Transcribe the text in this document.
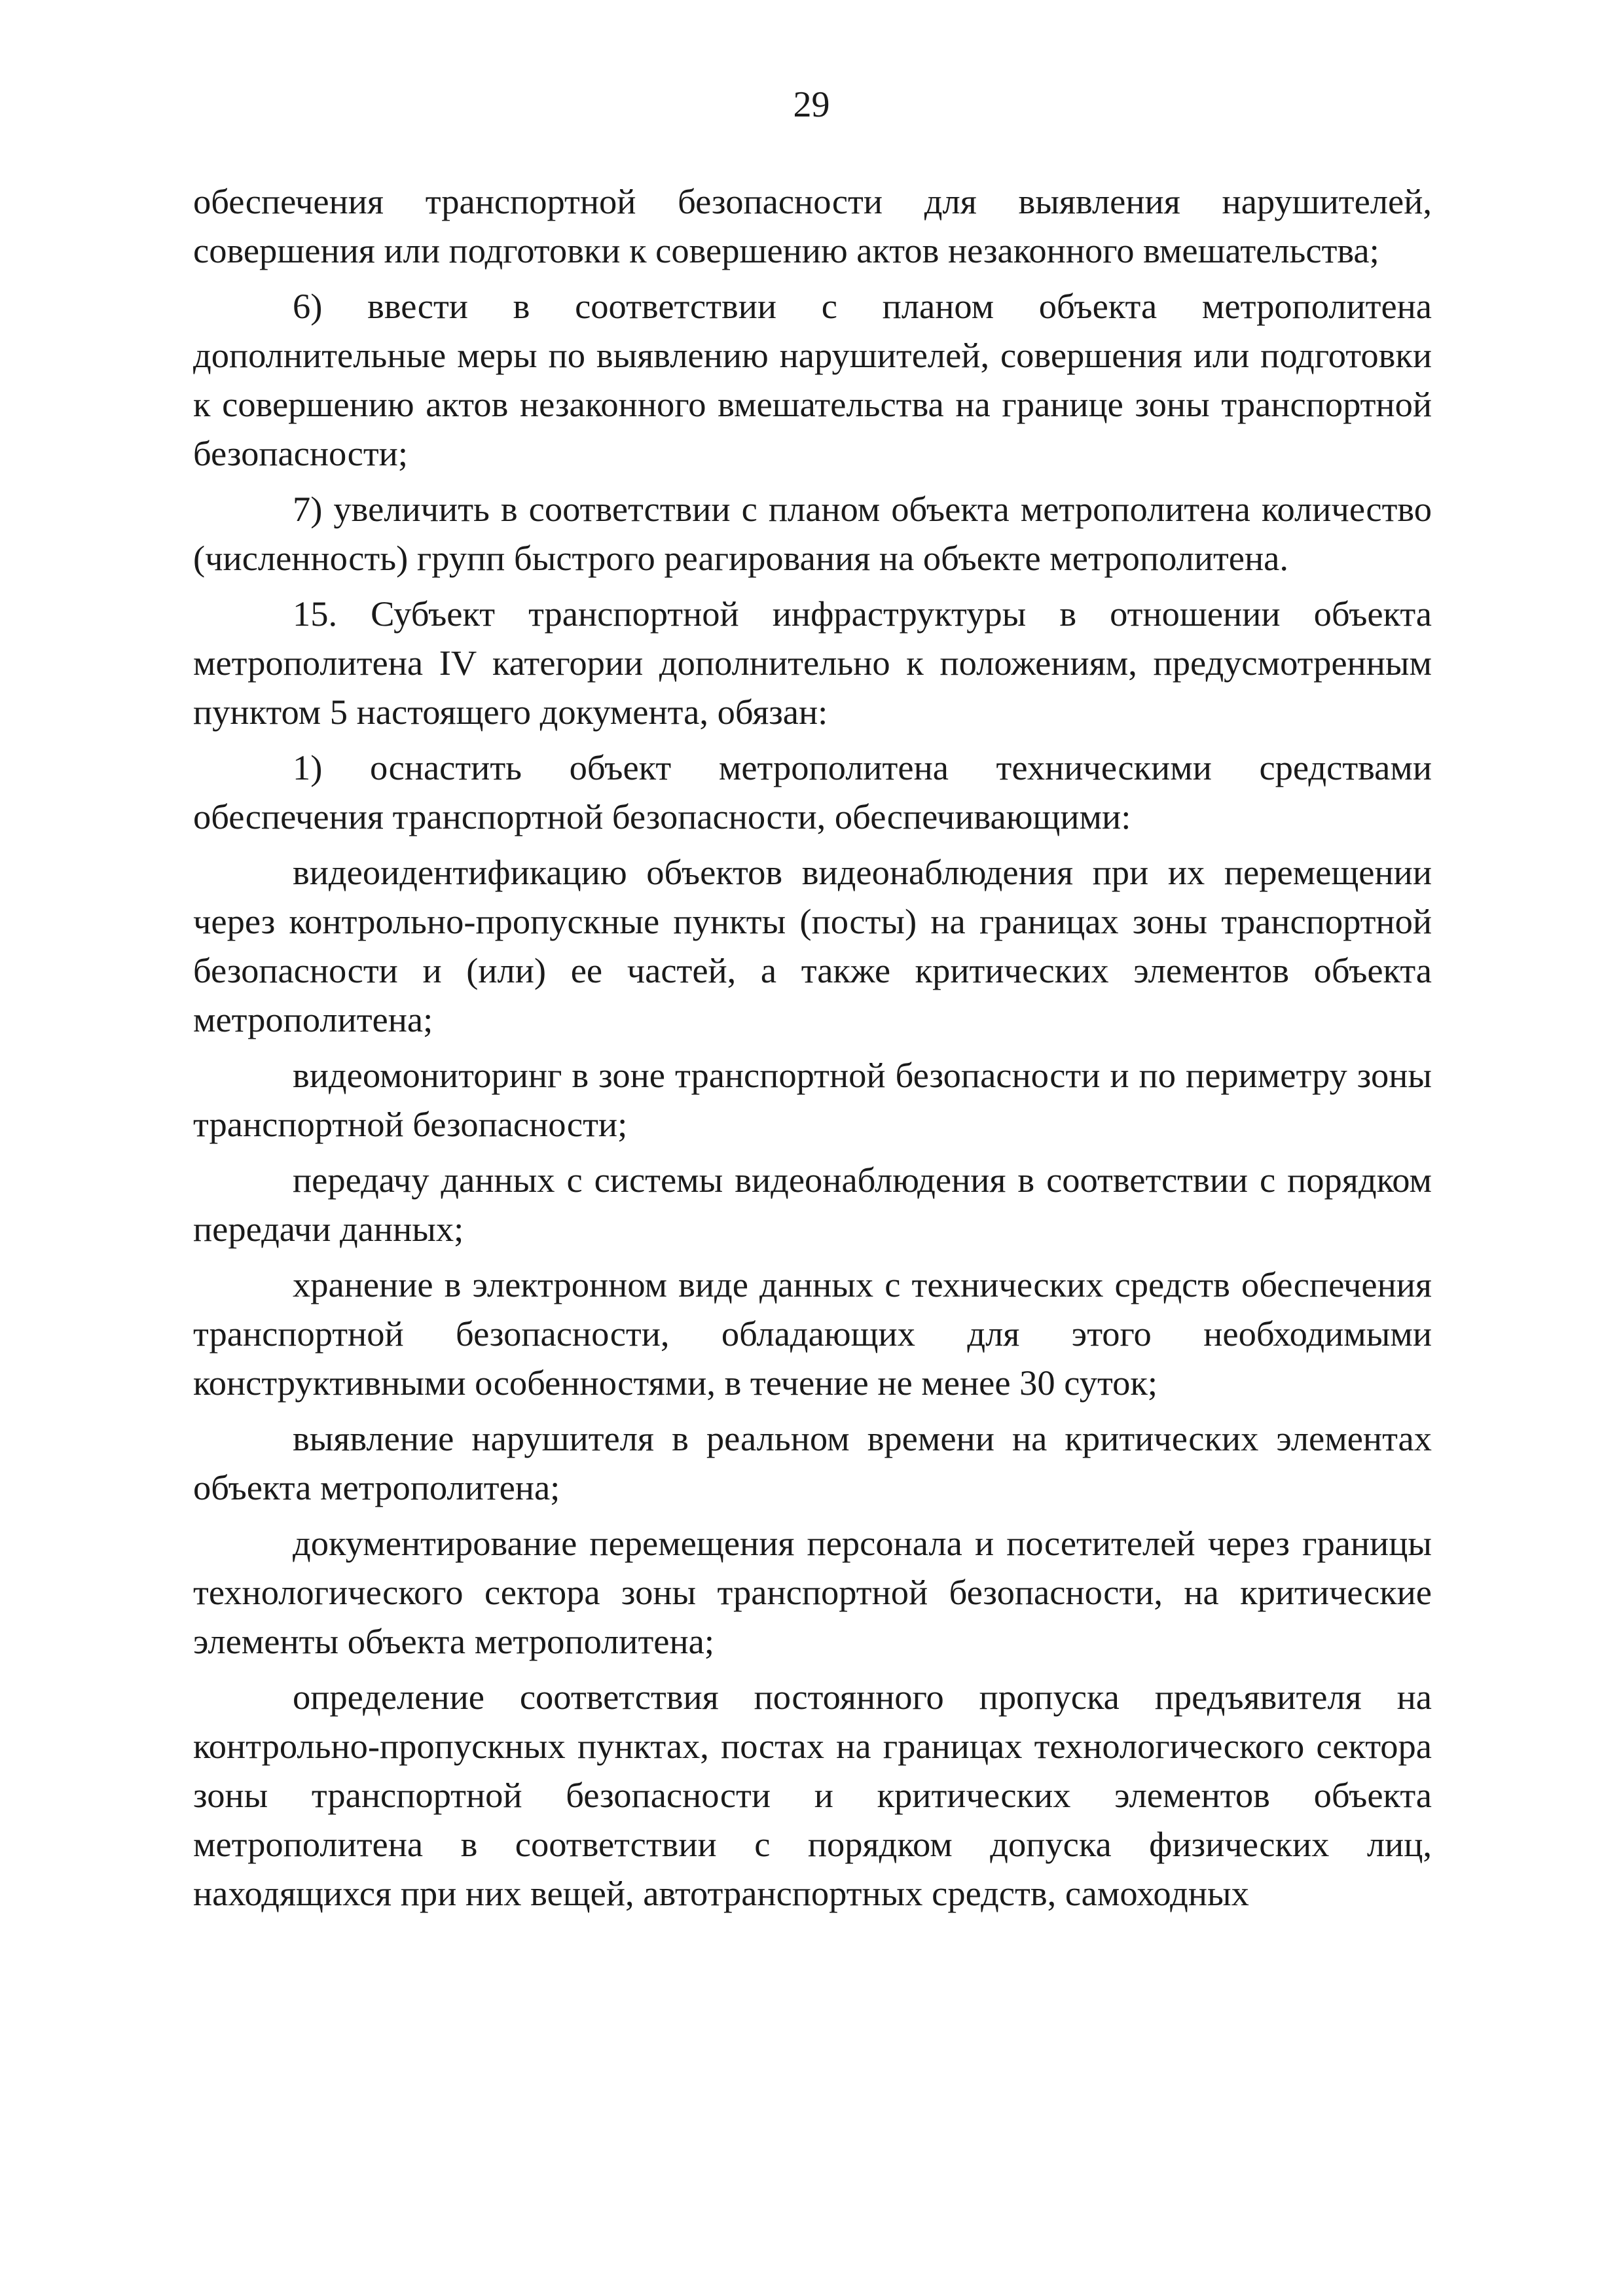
29

обеспечения транспортной безопасности для выявления нарушителей, совершения или подготовки к совершению актов незаконного вмешательства;

6) ввести в соответствии с планом объекта метрополитена дополнительные меры по выявлению нарушителей, совершения или подготовки к совершению актов незаконного вмешательства на границе зоны транспортной безопасности;

7) увеличить в соответствии с планом объекта метрополитена количество (численность) групп быстрого реагирования на объекте метрополитена.

15. Субъект транспортной инфраструктуры в отношении объекта метрополитена IV категории дополнительно к положениям, предусмотренным пунктом 5 настоящего документа, обязан:

1) оснастить объект метрополитена техническими средствами обеспечения транспортной безопасности, обеспечивающими:

видеоидентификацию объектов видеонаблюдения при их перемещении через контрольно-пропускные пункты (посты) на границах зоны транспортной безопасности и (или) ее частей, а также критических элементов объекта метрополитена;

видеомониторинг в зоне транспортной безопасности и по периметру зоны транспортной безопасности;

передачу данных с системы видеонаблюдения в соответствии с порядком передачи данных;

хранение в электронном виде данных с технических средств обеспечения транспортной безопасности, обладающих для этого необходимыми конструктивными особенностями, в течение не менее 30 суток;

выявление нарушителя в реальном времени на критических элементах объекта метрополитена;

документирование перемещения персонала и посетителей через границы технологического сектора зоны транспортной безопасности, на критические элементы объекта метрополитена;

определение соответствия постоянного пропуска предъявителя на контрольно-пропускных пунктах, постах на границах технологического сектора зоны транспортной безопасности и критических элементов объекта метрополитена в соответствии с порядком допуска физических лиц, находящихся при них вещей, автотранспортных средств, самоходных
